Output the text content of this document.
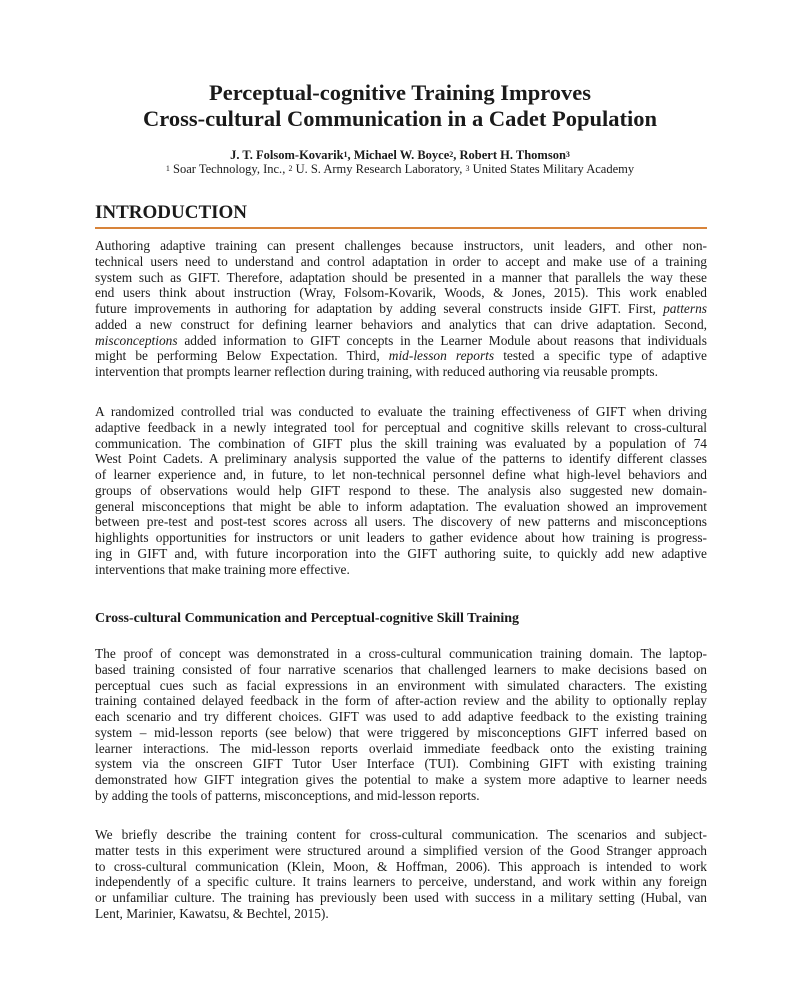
Perceptual-cognitive Training Improves
Cross-cultural Communication in a Cadet Population
J. T. Folsom-Kovarik$^1$, Michael W. Boyce$^2$, Robert H. Thomson$^3$
$^1$ Soar Technology, Inc., $^2$ U. S. Army Research Laboratory, $^3$ United States Military Academy
INTRODUCTION
Authoring adaptive training can present challenges because instructors, unit leaders, and other non-
technical users need to understand and control adaptation in order to accept and make use of a training
system such as GIFT. Therefore, adaptation should be presented in a manner that parallels the way these
end users think about instruction (Wray, Folsom-Kovarik, Woods, & Jones, 2015). This work enabled
future improvements in authoring for adaptation by adding several constructs inside GIFT. First, patterns
added a new construct for defining learner behaviors and analytics that can drive adaptation. Second,
misconceptions added information to GIFT concepts in the Learner Module about reasons that individuals
might be performing Below Expectation. Third, mid-lesson reports tested a specific type of adaptive
intervention that prompts learner reflection during training, with reduced authoring via reusable prompts.
A randomized controlled trial was conducted to evaluate the training effectiveness of GIFT when driving
adaptive feedback in a newly integrated tool for perceptual and cognitive skills relevant to cross-cultural
communication. The combination of GIFT plus the skill training was evaluated by a population of 74
West Point Cadets. A preliminary analysis supported the value of the patterns to identify different classes
of learner experience and, in future, to let non-technical personnel define what high-level behaviors and
groups of observations would help GIFT respond to these. The analysis also suggested new domain-
general misconceptions that might be able to inform adaptation. The evaluation showed an improvement
between pre-test and post-test scores across all users. The discovery of new patterns and misconceptions
highlights opportunities for instructors or unit leaders to gather evidence about how training is progress-
ing in GIFT and, with future incorporation into the GIFT authoring suite, to quickly add new adaptive
interventions that make training more effective.
Cross-cultural Communication and Perceptual-cognitive Skill Training
The proof of concept was demonstrated in a cross-cultural communication training domain. The laptop-
based training consisted of four narrative scenarios that challenged learners to make decisions based on
perceptual cues such as facial expressions in an environment with simulated characters. The existing
training contained delayed feedback in the form of after-action review and the ability to optionally replay
each scenario and try different choices. GIFT was used to add adaptive feedback to the existing training
system – mid-lesson reports (see below) that were triggered by misconceptions GIFT inferred based on
learner interactions. The mid-lesson reports overlaid immediate feedback onto the existing training
system via the onscreen GIFT Tutor User Interface (TUI). Combining GIFT with existing training
demonstrated how GIFT integration gives the potential to make a system more adaptive to learner needs
by adding the tools of patterns, misconceptions, and mid-lesson reports.
We briefly describe the training content for cross-cultural communication. The scenarios and subject-
matter tests in this experiment were structured around a simplified version of the Good Stranger approach
to cross-cultural communication (Klein, Moon, & Hoffman, 2006). This approach is intended to work
independently of a specific culture. It trains learners to perceive, understand, and work within any foreign
or unfamiliar culture. The training has previously been used with success in a military setting (Hubal, van
Lent, Marinier, Kawatsu, & Bechtel, 2015).
